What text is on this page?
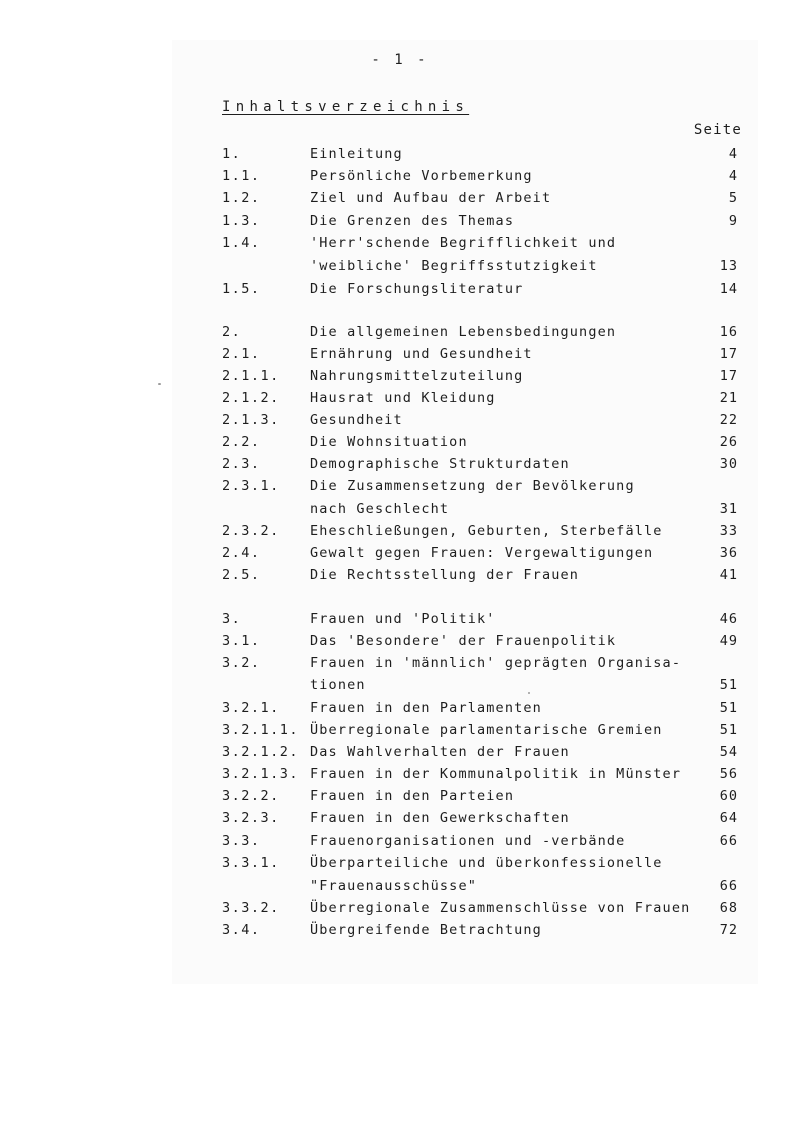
- 1 -
Inhaltsverzeichnis
Seite
1.	Einleitung	4
1.1.	Persönliche Vorbemerkung	4
1.2.	Ziel und Aufbau der Arbeit	5
1.3.	Die Grenzen des Themas	9
1.4.	'Herr'schende Begrifflichkeit und
'weibliche' Begriffsstutzigkeit	13
1.5.	Die Forschungsliteratur	14
2.	Die allgemeinen Lebensbedingungen	16
2.1.	Ernährung und Gesundheit	17
2.1.1. Nahrungsmittelzuteilung	17
2.1.2. Hausrat und Kleidung	21
2.1.3. Gesundheit	22
2.2.	Die Wohnsituation	26
2.3.	Demographische Strukturdaten	30
2.3.1. Die Zusammensetzung der Bevölkerung
nach Geschlecht	31
2.3.2. Eheschließungen, Geburten, Sterbefälle	33
2.4.	Gewalt gegen Frauen: Vergewaltigungen	36
2.5.	Die Rechtsstellung der Frauen	41
3.	Frauen und 'Politik'	46
3.1.	Das 'Besondere' der Frauenpolitik	49
3.2.	Frauen in 'männlich' geprägten Organisa-
tionen	51
3.2.1. Frauen in den Parlamenten	51
3.2.1.1. Überregionale parlamentarische Gremien	51
3.2.1.2. Das Wahlverhalten der Frauen	54
3.2.1.3. Frauen in der Kommunalpolitik in Münster	56
3.2.2. Frauen in den Parteien	60
3.2.3. Frauen in den Gewerkschaften	64
3.3.	Frauenorganisationen und -verbände	66
3.3.1. Überparteiliche und überkonfessionelle
"Frauenausschüsse"	66
3.3.2. Überregionale Zusammenschlüsse von Frauen 68
3.4.	Übergreifende Betrachtung	72
